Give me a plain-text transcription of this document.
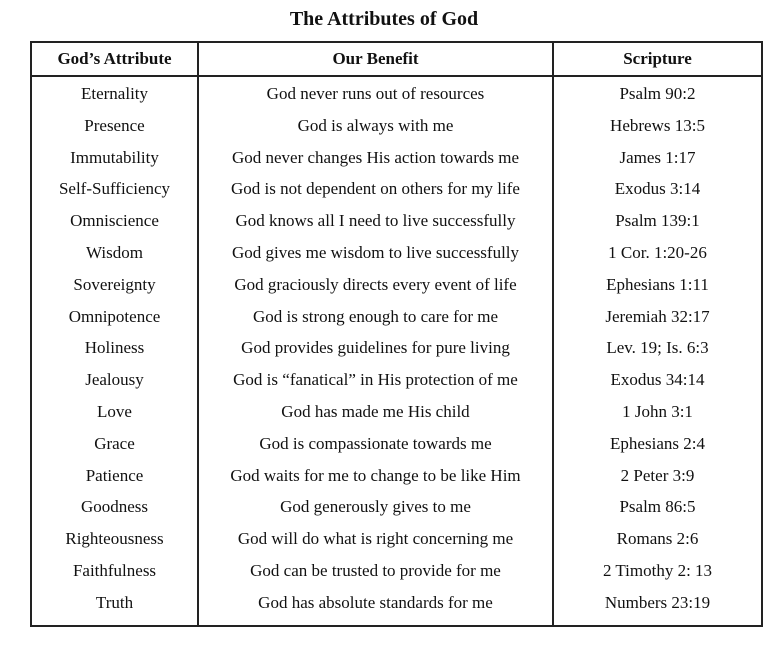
The Attributes of God
God’s Attribute	Our Benefit	Scripture
Eternality	God never runs out of resources	Psalm 90:2
Presence	God is always with me	Hebrews 13:5
Immutability	God never changes His action towards me	James 1:17
Self-Sufficiency	God is not dependent on others for my life	Exodus 3:14
Omniscience	God knows all I need to live successfully	Psalm 139:1
Wisdom	God gives me wisdom to live successfully	1 Cor. 1:20-26
Sovereignty	God graciously directs every event of life	Ephesians 1:11
Omnipotence	God is strong enough to care for me	Jeremiah 32:17
Holiness	God provides guidelines for pure living	Lev. 19; Is. 6:3
Jealousy	God is “fanatical” in His protection of me	Exodus 34:14
Love	God has made me His child	1 John 3:1
Grace	God is compassionate towards me	Ephesians 2:4
Patience	God waits for me to change to be like Him	2 Peter 3:9
Goodness	God generously gives to me	Psalm 86:5
Righteousness	God will do what is right concerning me	Romans 2:6
Faithfulness	God can be trusted to provide for me	2 Timothy 2: 13
Truth	God has absolute standards for me	Numbers 23:19
